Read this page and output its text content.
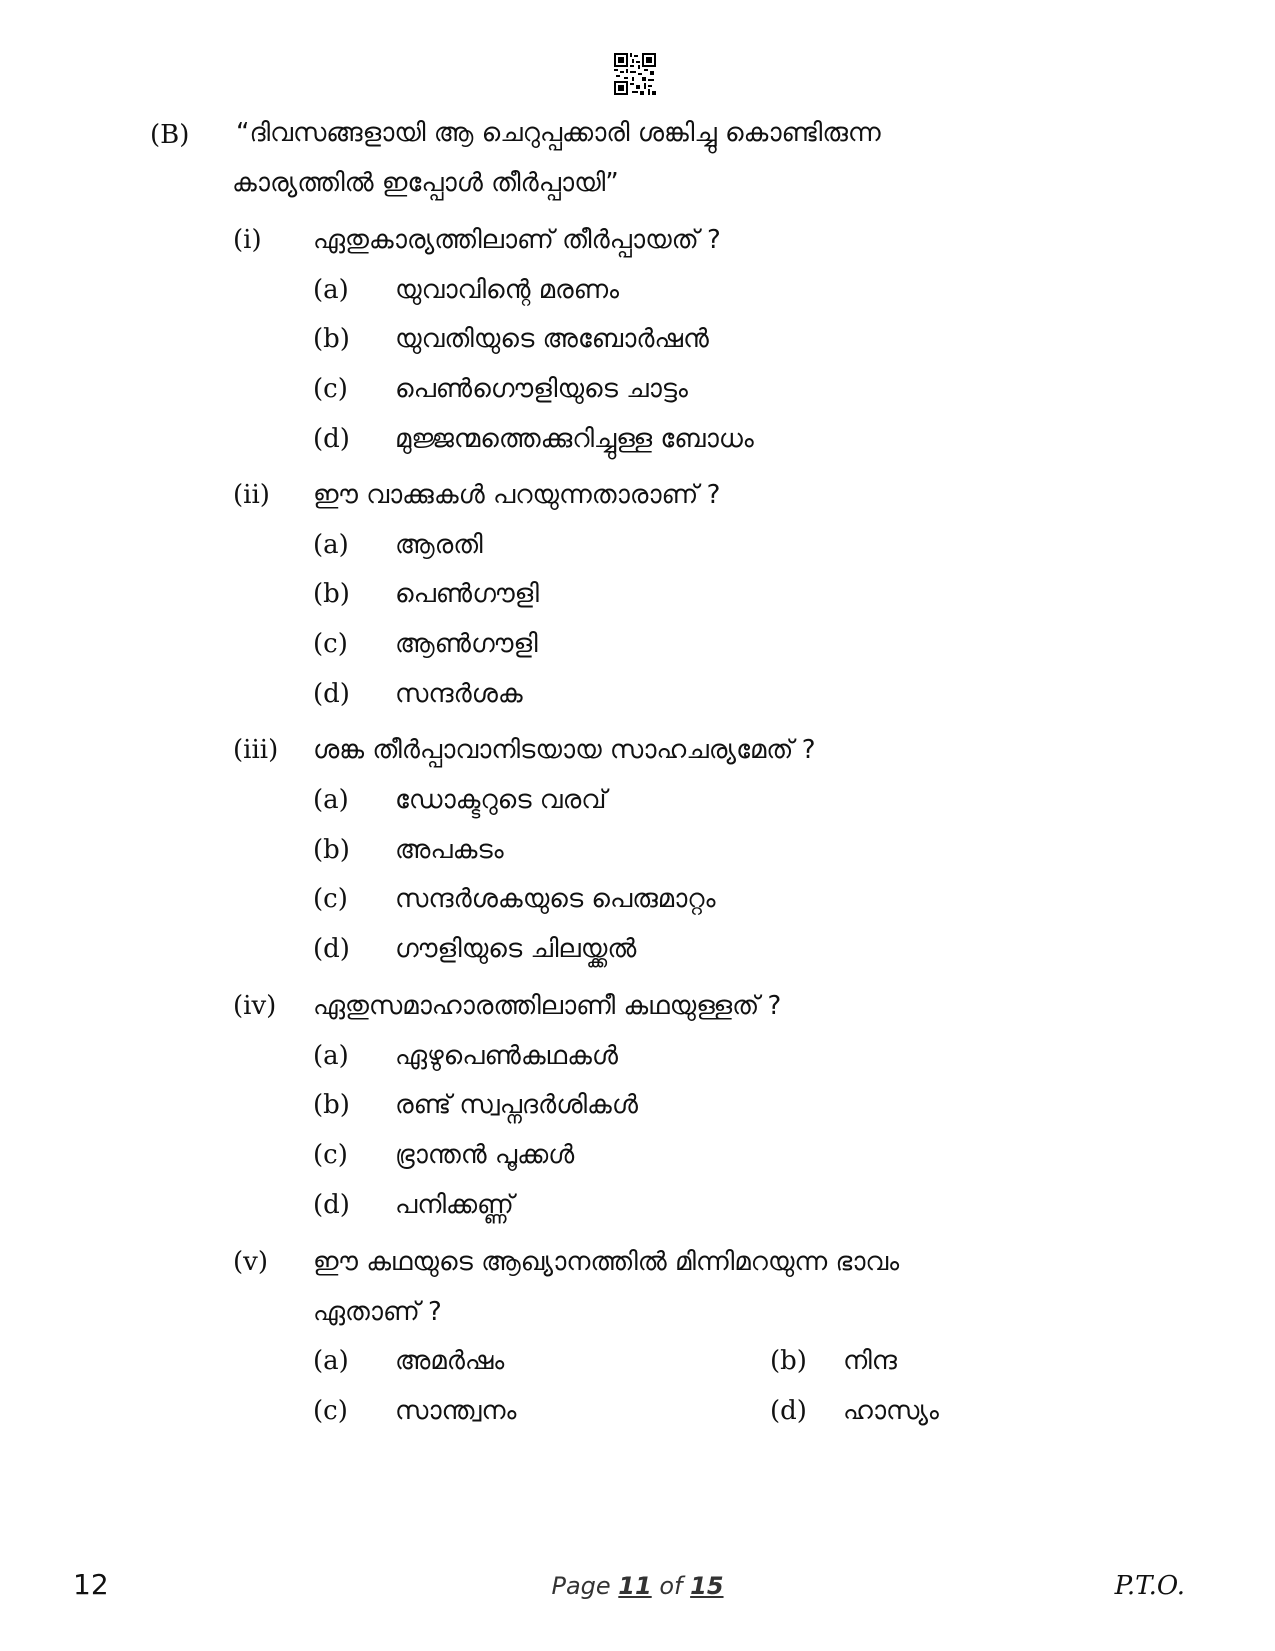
(B) “ദിവസങ്ങളായി ആ ചെറുപ്പക്കാരി ശങ്കിച്ചു കൊണ്ടിരുന്ന
കാര്യത്തിൽ ഇപ്പോൾ തീർപ്പായി”
(i) ഏതുകാര്യത്തിലാണ് തീർപ്പായത് ?
(a) യുവാവിന്റെ മരണം
(b) യുവതിയുടെ അബോർഷൻ
(c) പെൺഗൌളിയുടെ ചാട്ടം
(d) മുജ്ജന്മത്തെക്കുറിച്ചുള്ള ബോധം
(ii) ഈ വാക്കുകൾ പറയുന്നതാരാണ് ?
(a) ആരതി
(b) പെൺഗൗളി
(c) ആൺഗൗളി
(d) സന്ദർശക
(iii) ശങ്ക തീർപ്പാവാനിടയായ സാഹചര്യമേത് ?
(a) ഡോക്ടറുടെ വരവ്
(b) അപകടം
(c) സന്ദർശകയുടെ പെരുമാറ്റം
(d) ഗൗളിയുടെ ചിലയ്ക്കൽ
(iv) ഏതുസമാഹാരത്തിലാണീ കഥയുള്ളത് ?
(a) ഏഴുപെൺകഥകൾ
(b) രണ്ട് സ്വപ്നദർശികൾ
(c) ഭ്രാന്തൻ പൂക്കൾ
(d) പനിക്കണ്ണ്
(v) ഈ കഥയുടെ ആഖ്യാനത്തിൽ മിന്നിമറയുന്ന ഭാവം
ഏതാണ് ?
(a) അമർഷം	(b) നിന്ദ
(c) സാന്ത്വനം	(d) ഹാസ്യം
12	Page 11 of 15	P.T.O.
